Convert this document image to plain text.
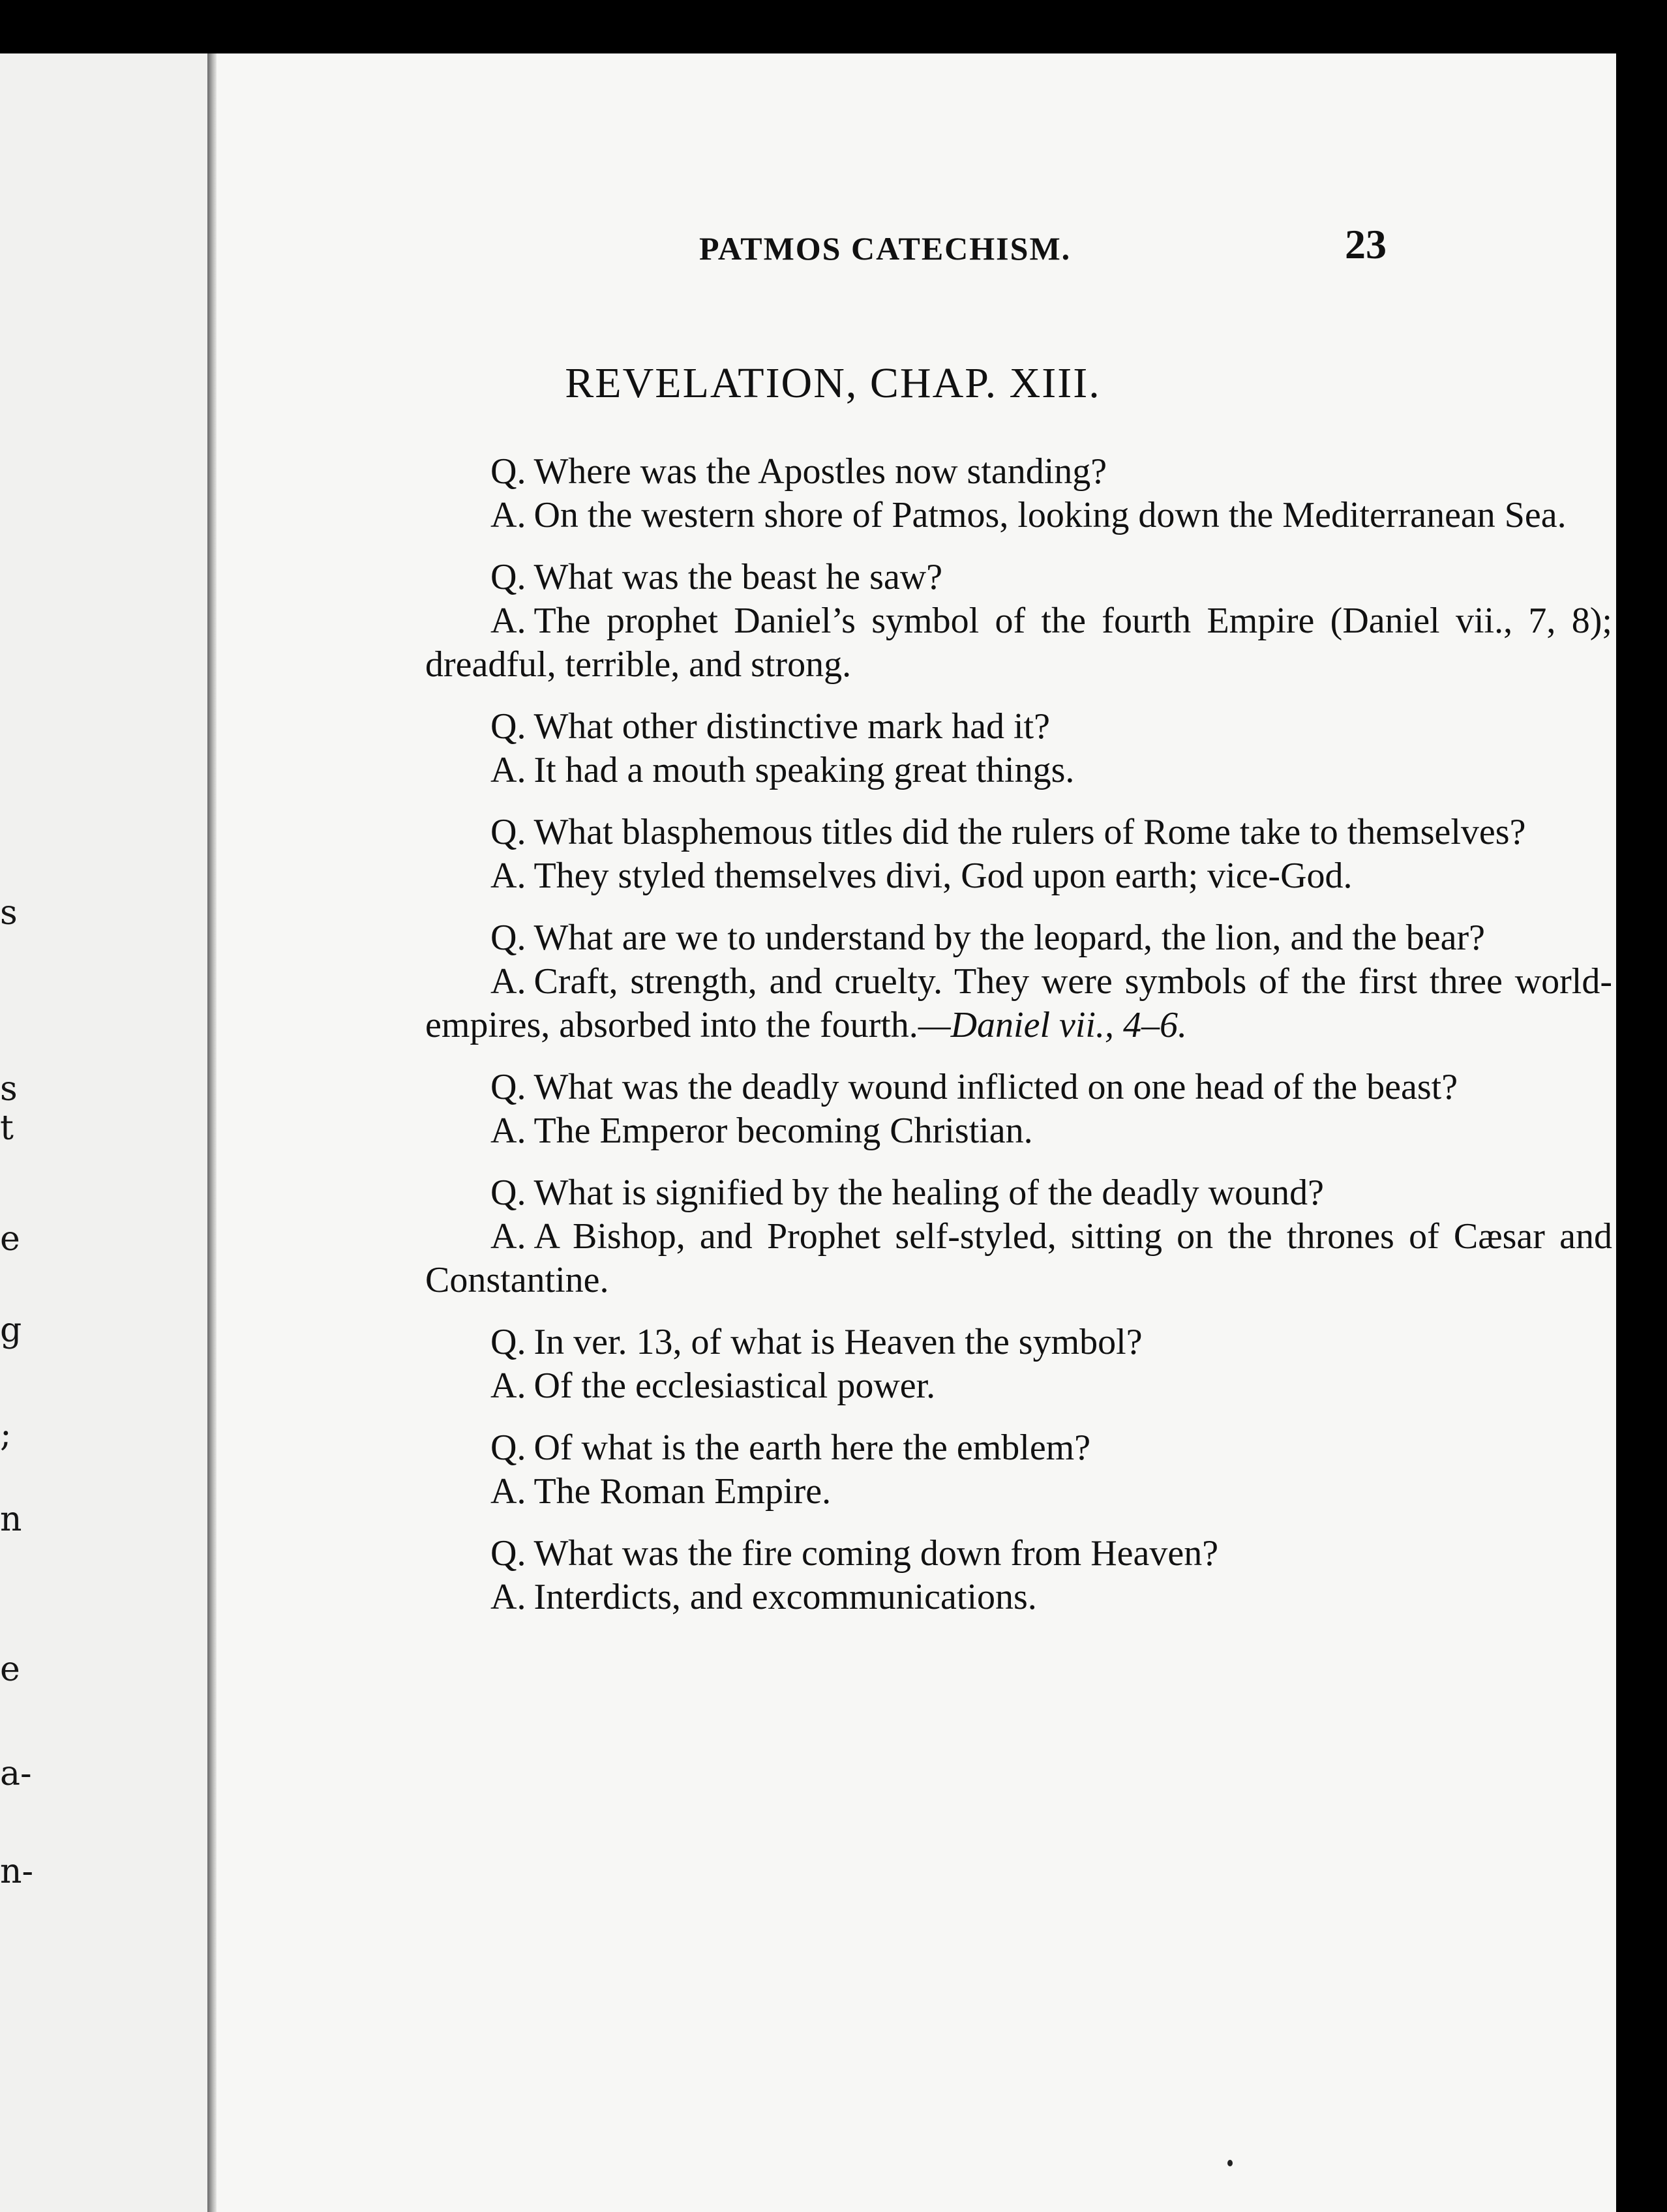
s
s
t
e
g
;
n
e
a-
n-
PATMOS CATECHISM.	23
REVELATION, CHAP. XIII.
Q. Where was the Apostles now standing?
A. On the western shore of Patmos, looking down the Mediterranean Sea.
Q. What was the beast he saw?
A. The prophet Daniel’s symbol of the fourth Empire (Daniel vii., 7, 8); dreadful, terrible, and strong.
Q. What other distinctive mark had it?
A. It had a mouth speaking great things.
Q. What blasphemous titles did the rulers of Rome take to themselves?
A. They styled themselves divi, God upon earth; vice-God.
Q. What are we to understand by the leopard, the lion, and the bear?
A. Craft, strength, and cruelty. They were symbols of the first three world-empires, absorbed into the fourth.—Daniel vii., 4–6.
Q. What was the deadly wound inflicted on one head of the beast?
A. The Emperor becoming Christian.
Q. What is signified by the healing of the deadly wound?
A. A Bishop, and Prophet self-styled, sitting on the thrones of Cæsar and Constantine.
Q. In ver. 13, of what is Heaven the symbol?
A. Of the ecclesiastical power.
Q. Of what is the earth here the emblem?
A. The Roman Empire.
Q. What was the fire coming down from Heaven?
A. Interdicts, and excommunications.
